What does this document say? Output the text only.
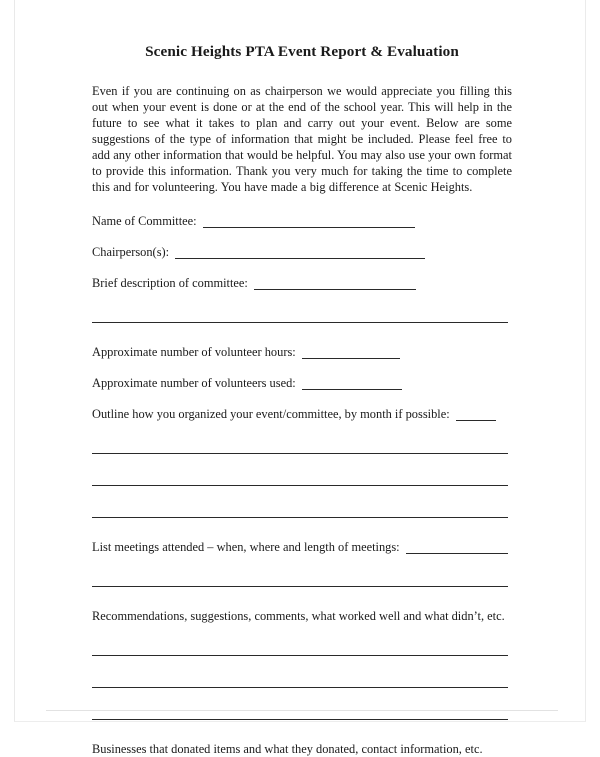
Scenic Heights PTA Event Report & Evaluation

Even if you are continuing on as chairperson we would appreciate you filling this out when your event is done or at the end of the school year. This will help in the future to see what it takes to plan and carry out your event. Below are some suggestions of the type of information that might be included. Please feel free to add any other information that would be helpful. You may also use your own format to provide this information. Thank you very much for taking the time to complete this and for volunteering. You have made a big difference at Scenic Heights.

Name of Committee:
Chairperson(s):
Brief description of committee:
Approximate number of volunteer hours:
Approximate number of volunteers used:
Outline how you organized your event/committee, by month if possible:
List meetings attended – when, where and length of meetings:
Recommendations, suggestions, comments, what worked well and what didn’t, etc.
Businesses that donated items and what they donated, contact information, etc.
